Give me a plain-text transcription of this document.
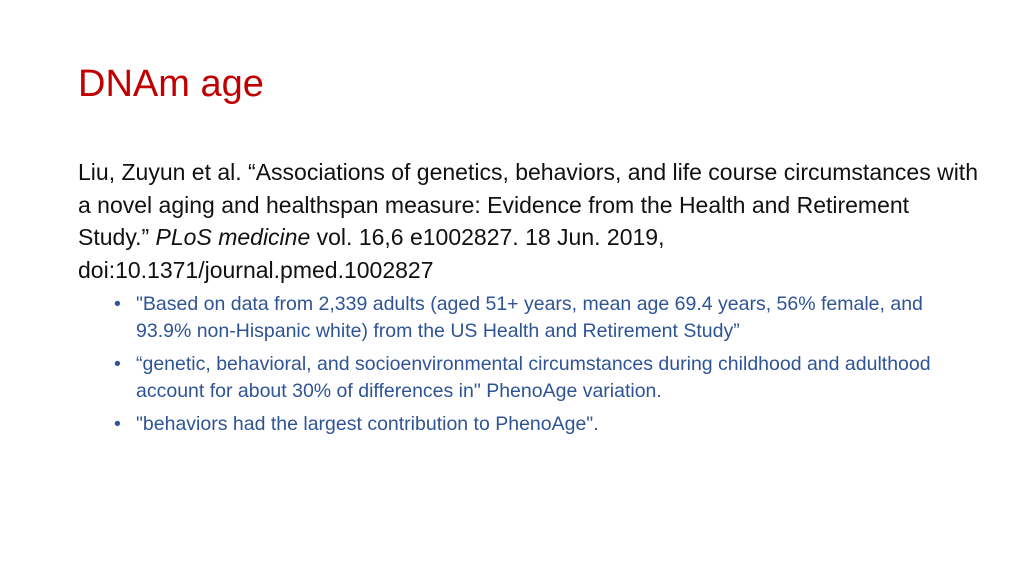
DNAm age

Liu, Zuyun et al. “Associations of genetics, behaviors, and life course circumstances with a novel aging and healthspan measure: Evidence from the Health and Retirement Study.” PLoS medicine vol. 16,6 e1002827. 18 Jun. 2019, doi:10.1371/journal.pmed.1002827

• "Based on data from 2,339 adults (aged 51+ years, mean age 69.4 years, 56% female, and 93.9% non-Hispanic white) from the US Health and Retirement Study”
• “genetic, behavioral, and socioenvironmental circumstances during childhood and adulthood account for about 30% of differences in" PhenoAge variation.
• "behaviors had the largest contribution to PhenoAge".
